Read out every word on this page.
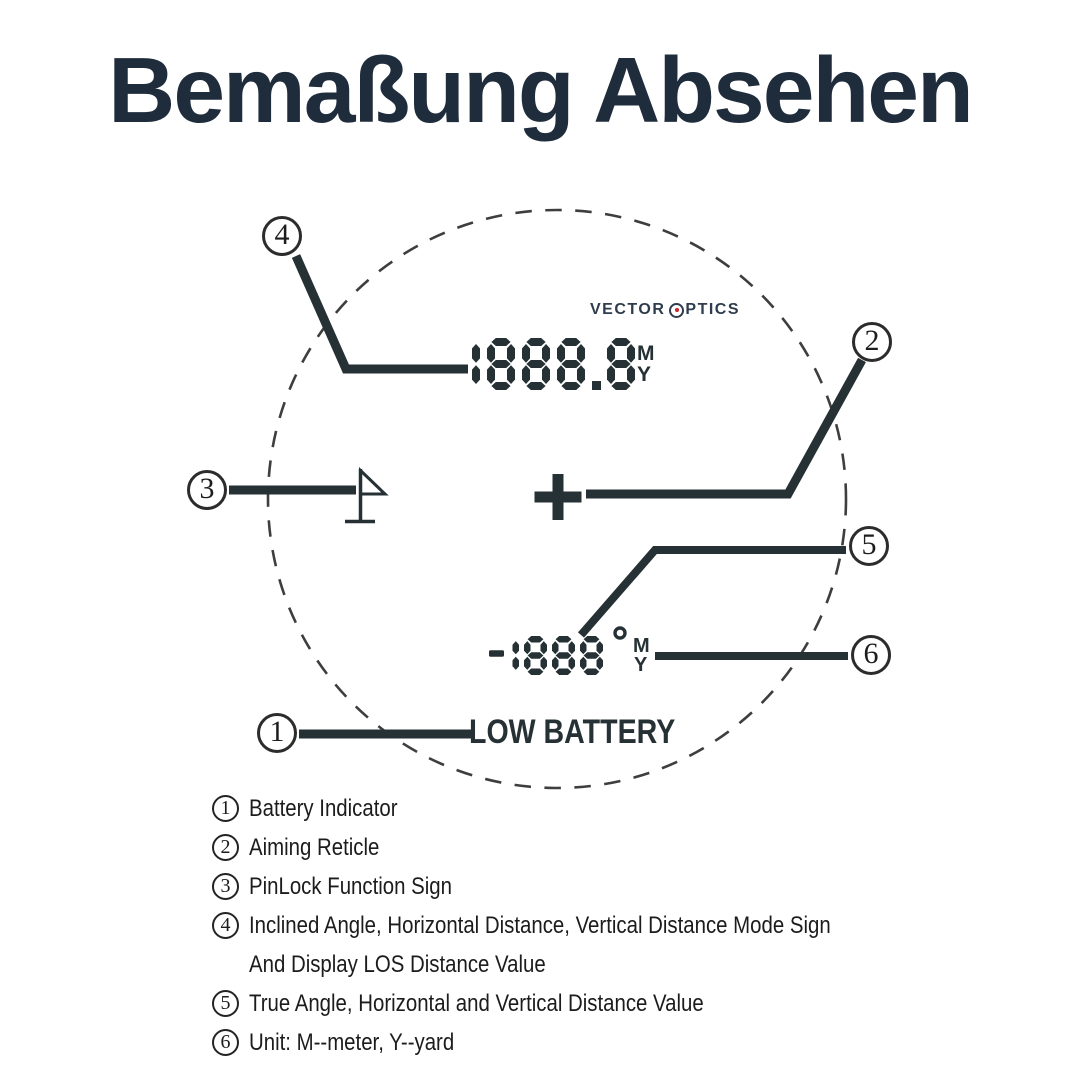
Bemaßung Absehen
VECTOR PTICS
M
Y
M
Y
LOW BATTERY
1
2
3
4
5
6
1 Battery Indicator
2 Aiming Reticle
3 PinLock Function Sign
4 Inclined Angle, Horizontal Distance, Vertical Distance Mode Sign
And Display LOS Distance Value
5 True Angle, Horizontal and Vertical Distance Value
6 Unit: M--meter, Y--yard
